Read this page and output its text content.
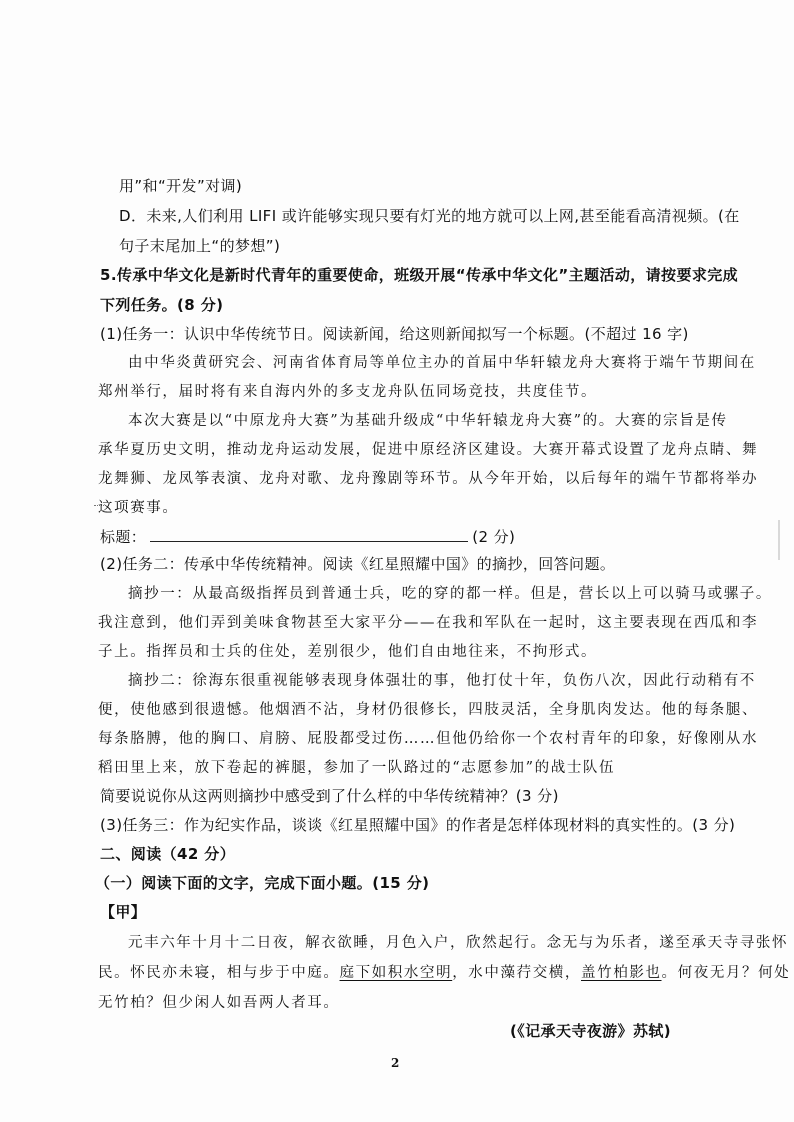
用”和“开发”对调)
D．未来,人们利用 LIFI 或许能够实现只要有灯光的地方就可以上网,甚至能看高清视频。(在
句子末尾加上“的梦想”)
5.传承中华文化是新时代青年的重要使命，班级开展“传承中华文化”主题活动，请按要求完成
下列任务。(8 分)
(1)任务一：认识中华传统节日。阅读新闻，给这则新闻拟写一个标题。(不超过 16 字)
由中华炎黄研究会、河南省体育局等单位主办的首届中华轩辕龙舟大赛将于端午节期间在
郑州举行，届时将有来自海内外的多支龙舟队伍同场竞技，共度佳节。
本次大赛是以“中原龙舟大赛”为基础升级成“中华轩辕龙舟大赛”的。大赛的宗旨是传
承华夏历史文明，推动龙舟运动发展，促进中原经济区建设。大赛开幕式设置了龙舟点睛、舞
龙舞狮、龙凤筝表演、龙舟对歌、龙舟豫剧等环节。从今年开始，以后每年的端午节都将举办
这项赛事。
标题：	(2 分)
(2)任务二：传承中华传统精神。阅读《红星照耀中国》的摘抄，回答问题。
摘抄一：从最高级指挥员到普通士兵，吃的穿的都一样。但是，营长以上可以骑马或骡子。
我注意到，他们弄到美味食物甚至大家平分——在我和军队在一起时，这主要表现在西瓜和李
子上。指挥员和士兵的住处，差别很少，他们自由地往来，不拘形式。
摘抄二：徐海东很重视能够表现身体强壮的事，他打仗十年，负伤八次，因此行动稍有不
便，使他感到很遗憾。他烟酒不沾，身材仍很修长，四肢灵活，全身肌肉发达。他的每条腿、
每条胳膊，他的胸口、肩膀、屁股都受过伤……但他仍给你一个农村青年的印象，好像刚从水
稻田里上来，放下卷起的裤腿，参加了一队路过的“志愿参加”的战士队伍
简要说说你从这两则摘抄中感受到了什么样的中华传统精神？(3 分)
(3)任务三：作为纪实作品，谈谈《红星照耀中国》的作者是怎样体现材料的真实性的。(3 分)
二、阅读（42 分）
（一）阅读下面的文字，完成下面小题。(15 分)
【甲】
元丰六年十月十二日夜，解衣欲睡，月色入户，欣然起行。念无与为乐者，遂至承天寺寻张怀
民。怀民亦未寝，相与步于中庭。庭下如积水空明，水中藻荇交横，盖竹柏影也。何夜无月？何处
无竹柏？但少闲人如吾两人者耳。
(《记承天寺夜游》苏轼)
2
